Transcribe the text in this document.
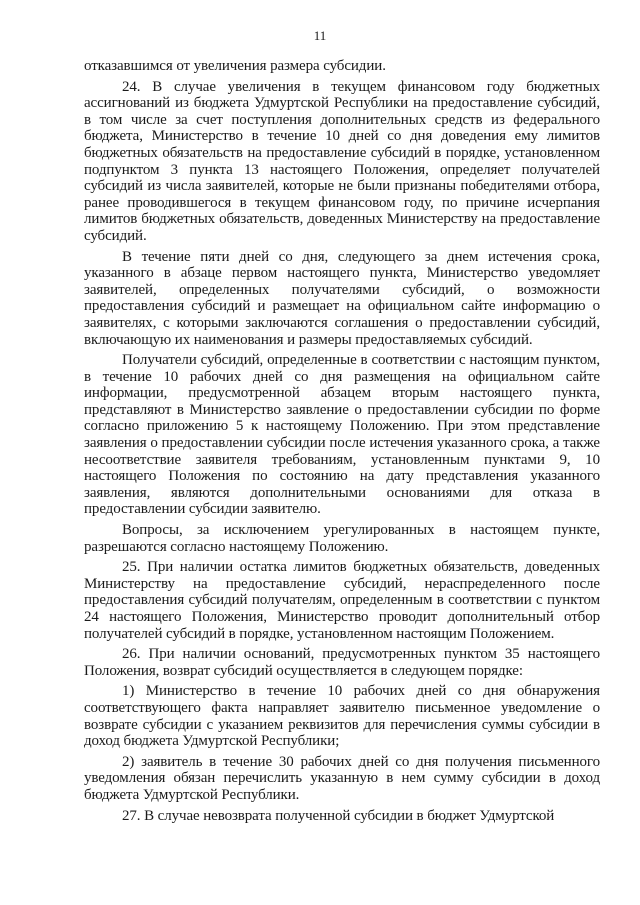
11

отказавшимся от увеличения размера субсидии.

24. В случае увеличения в текущем финансовом году бюджетных ассигнований из бюджета Удмуртской Республики на предоставление субсидий, в том числе за счет поступления дополнительных средств из федерального бюджета, Министерство в течение 10 дней со дня доведения ему лимитов бюджетных обязательств на предоставление субсидий в порядке, установленном подпунктом 3 пункта 13 настоящего Положения, определяет получателей субсидий из числа заявителей, которые не были признаны победителями отбора, ранее проводившегося в текущем финансовом году, по причине исчерпания лимитов бюджетных обязательств, доведенных Министерству на предоставление субсидий.

В течение пяти дней со дня, следующего за днем истечения срока, указанного в абзаце первом настоящего пункта, Министерство уведомляет заявителей, определенных получателями субсидий, о возможности предоставления субсидий и размещает на официальном сайте информацию о заявителях, с которыми заключаются соглашения о предоставлении субсидий, включающую их наименования и размеры предоставляемых субсидий.

Получатели субсидий, определенные в соответствии с настоящим пунктом, в течение 10 рабочих дней со дня размещения на официальном сайте информации, предусмотренной абзацем вторым настоящего пункта, представляют в Министерство заявление о предоставлении субсидии по форме согласно приложению 5 к настоящему Положению. При этом представление заявления о предоставлении субсидии после истечения указанного срока, а также несоответствие заявителя требованиям, установленным пунктами 9, 10 настоящего Положения по состоянию на дату представления указанного заявления, являются дополнительными основаниями для отказа в предоставлении субсидии заявителю.

Вопросы, за исключением урегулированных в настоящем пункте, разрешаются согласно настоящему Положению.

25. При наличии остатка лимитов бюджетных обязательств, доведенных Министерству на предоставление субсидий, нераспределенного после предоставления субсидий получателям, определенным в соответствии с пунктом 24 настоящего Положения, Министерство проводит дополнительный отбор получателей субсидий в порядке, установленном настоящим Положением.

26. При наличии оснований, предусмотренных пунктом 35 настоящего Положения, возврат субсидий осуществляется в следующем порядке:

1) Министерство в течение 10 рабочих дней со дня обнаружения соответствующего факта направляет заявителю письменное уведомление о возврате субсидии с указанием реквизитов для перечисления суммы субсидии в доход бюджета Удмуртской Республики;

2) заявитель в течение 30 рабочих дней со дня получения письменного уведомления обязан перечислить указанную в нем сумму субсидии в доход бюджета Удмуртской Республики.

27. В случае невозврата полученной субсидии в бюджет Удмуртской
